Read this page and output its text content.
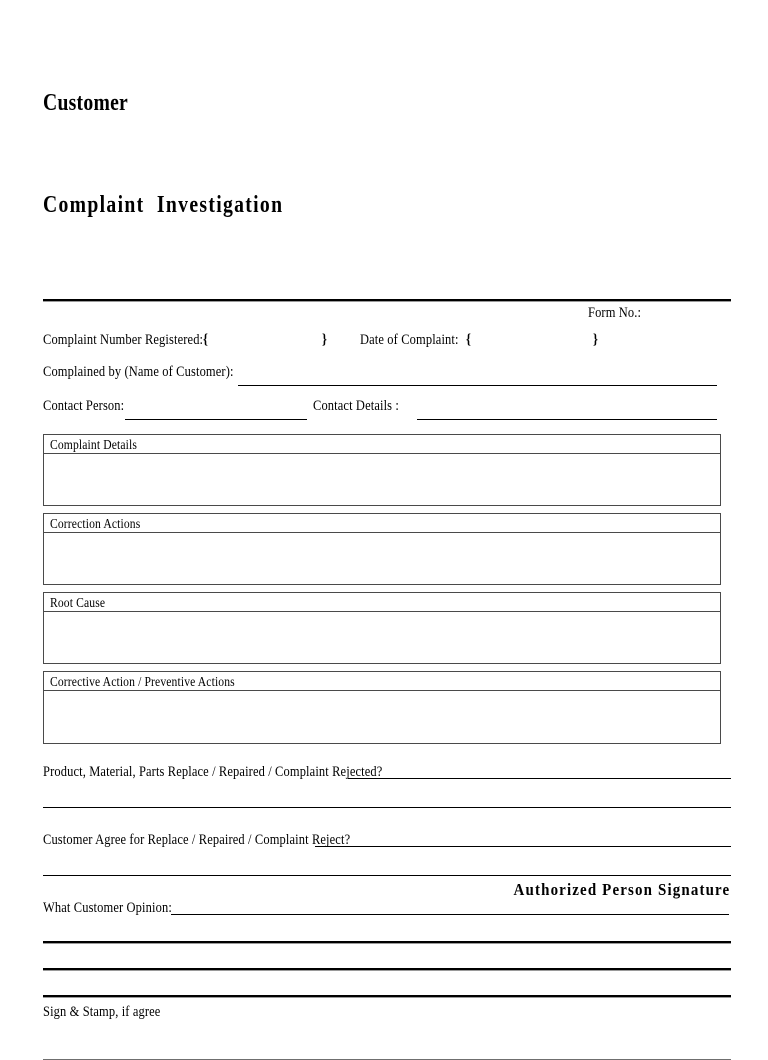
Customer

Complaint  Investigation

Form No.:
Complaint Number Registered: {	} Date of Complaint: {	}
Complained by (Name of Customer):
Contact Person:	Contact Details :
Complaint Details
Correction Actions
Root Cause
Corrective Action / Preventive Actions
Product, Material, Parts Replace / Repaired / Complaint Rejected?
Customer Agree for Replace / Repaired / Complaint Reject?
What Customer Opinion:
Sign & Stamp, if agree
Authorized Person Signature
